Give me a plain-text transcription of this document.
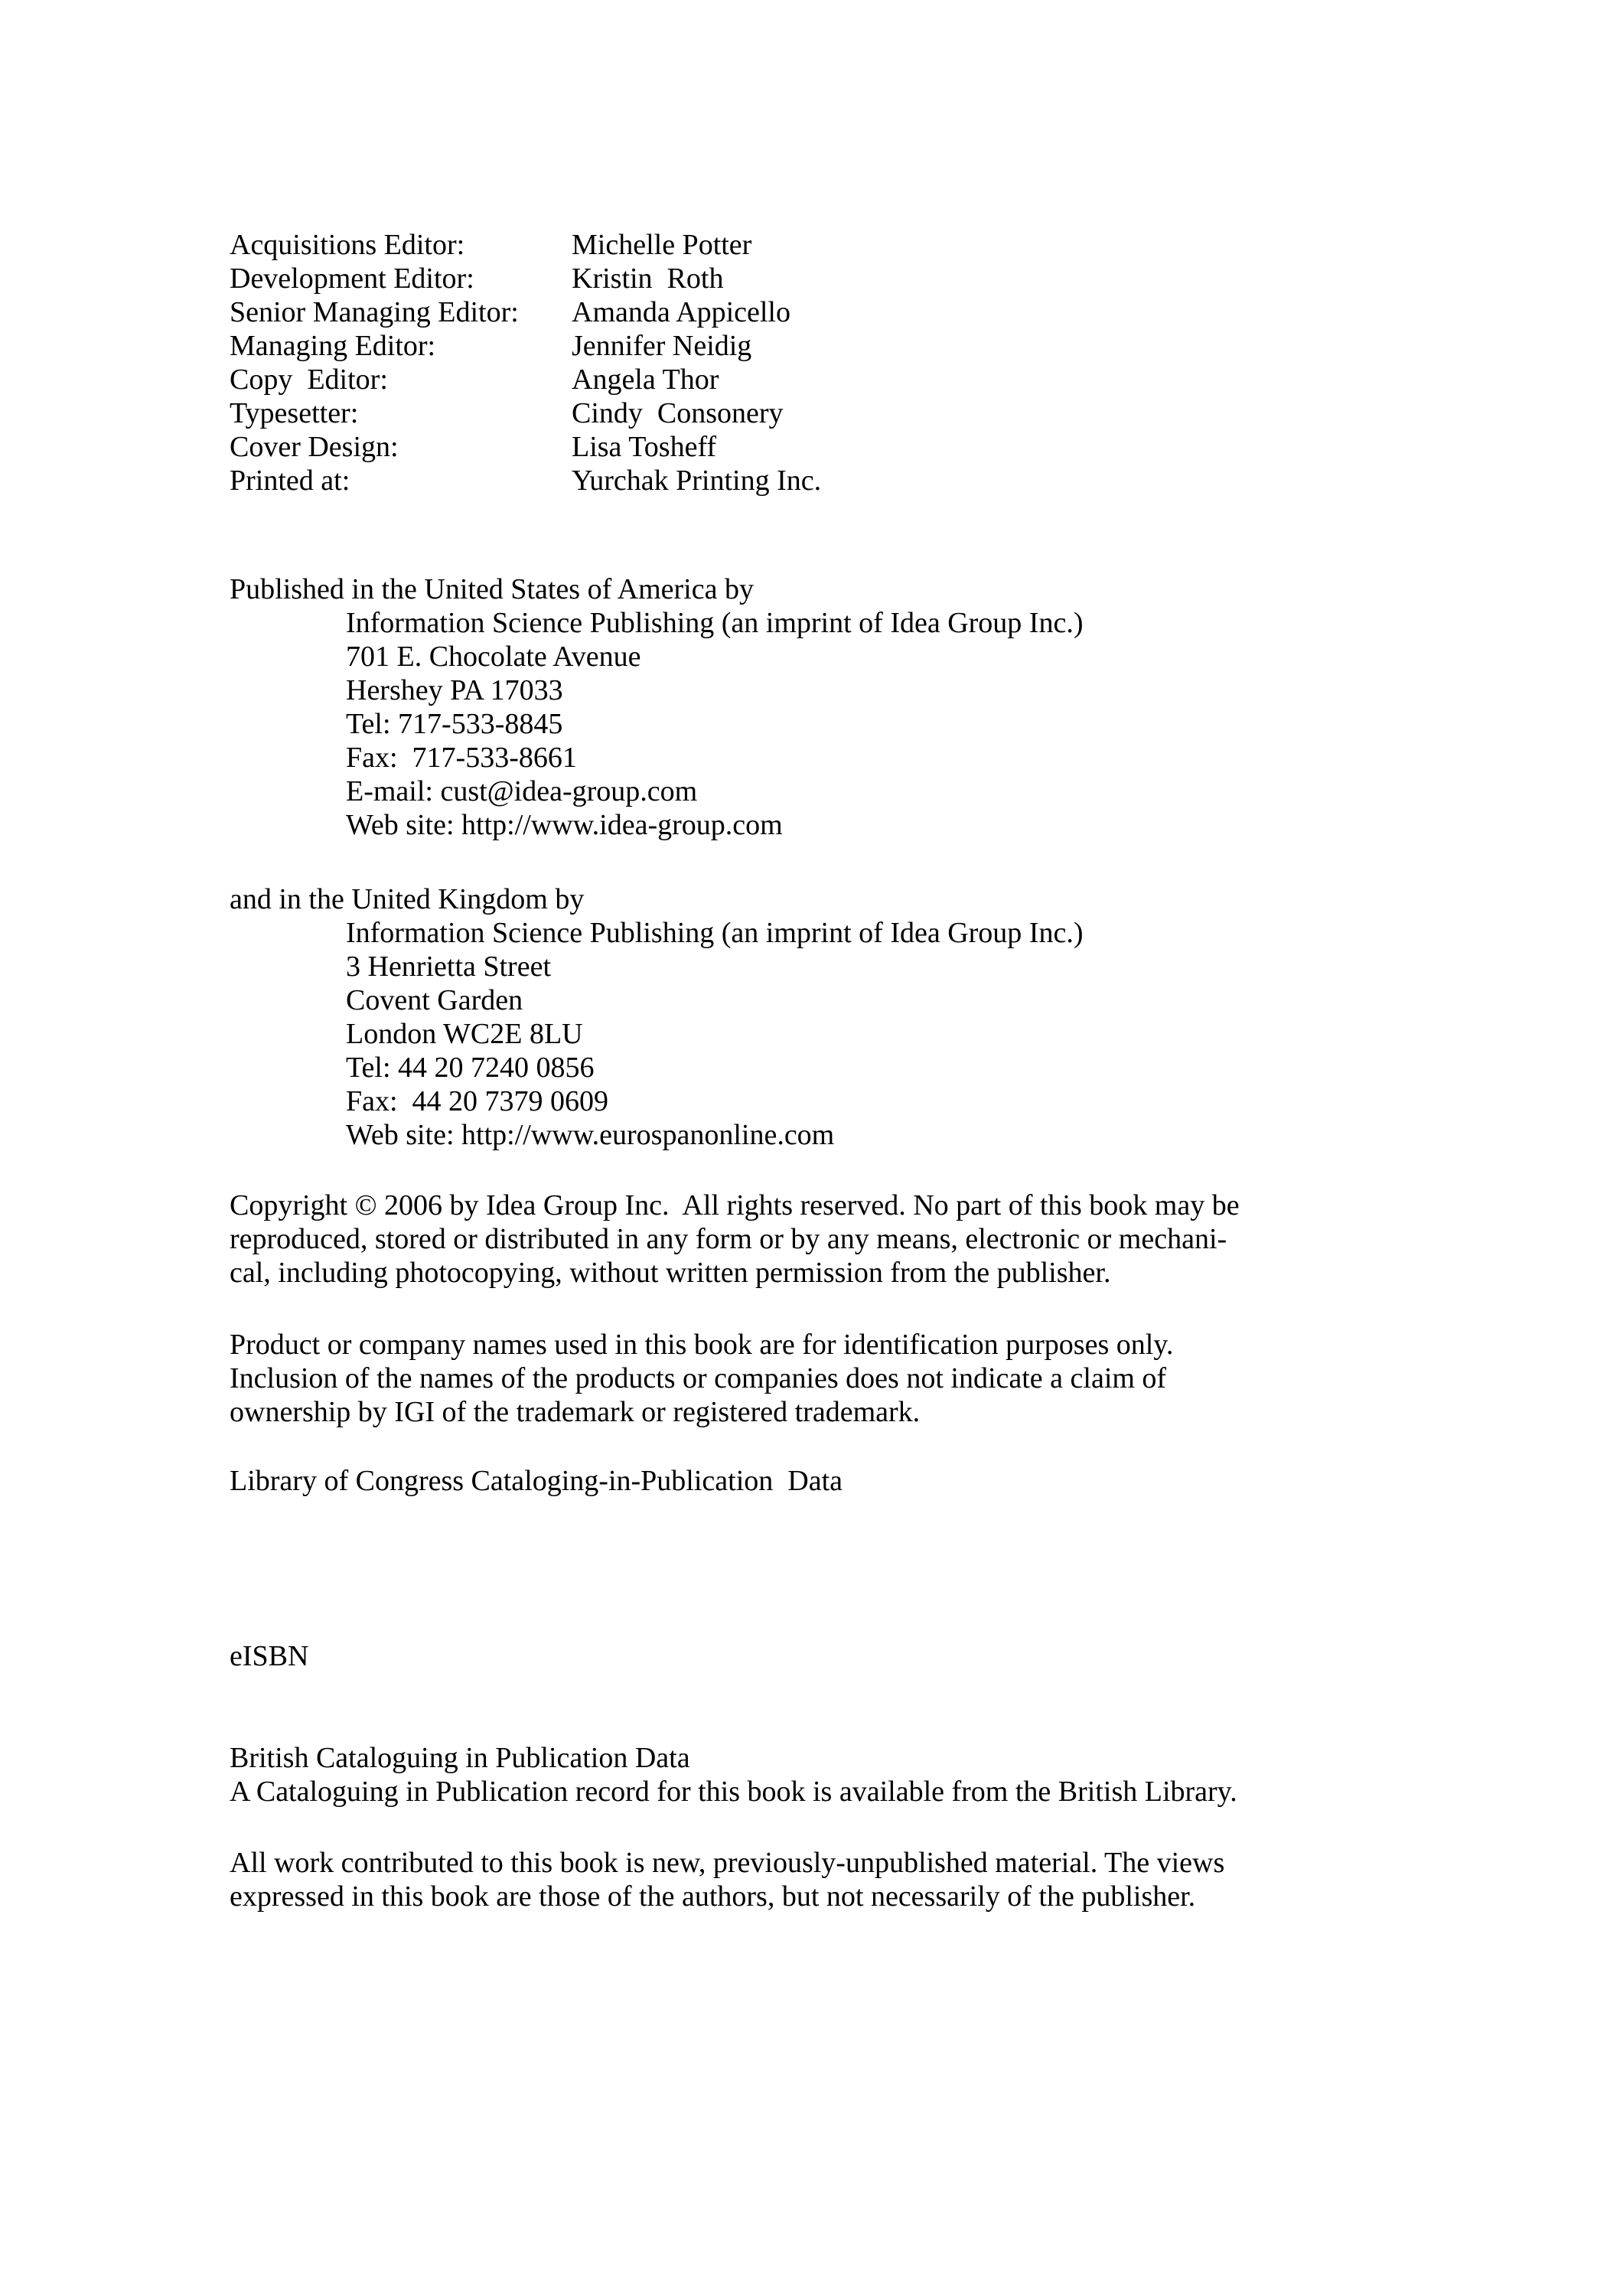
Acquisitions Editor:	Michelle Potter
Development Editor:	Kristin  Roth
Senior Managing Editor:	Amanda Appicello
Managing Editor:	Jennifer Neidig
Copy  Editor:	Angela Thor
Typesetter:	Cindy  Consonery
Cover Design:	Lisa Tosheff
Printed at:	Yurchak Printing Inc.
Published in the United States of America by
Information Science Publishing (an imprint of Idea Group Inc.)
701 E. Chocolate Avenue
Hershey PA 17033
Tel: 717-533-8845
Fax:  717-533-8661
E-mail: cust@idea-group.com
Web site: http://www.idea-group.com
and in the United Kingdom by
Information Science Publishing (an imprint of Idea Group Inc.)
3 Henrietta Street
Covent Garden
London WC2E 8LU
Tel: 44 20 7240 0856
Fax:  44 20 7379 0609
Web site: http://www.eurospanonline.com
Copyright © 2006 by Idea Group Inc.  All rights reserved. No part of this book may be
reproduced, stored or distributed in any form or by any means, electronic or mechani-
cal, including photocopying, without written permission from the publisher.
Product or company names used in this book are for identification purposes only.
Inclusion of the names of the products or companies does not indicate a claim of
ownership by IGI of the trademark or registered trademark.
Library of Congress Cataloging-in-Publication  Data
eISBN
British Cataloguing in Publication Data
A Cataloguing in Publication record for this book is available from the British Library.
All work contributed to this book is new, previously-unpublished material. The views
expressed in this book are those of the authors, but not necessarily of the publisher.
